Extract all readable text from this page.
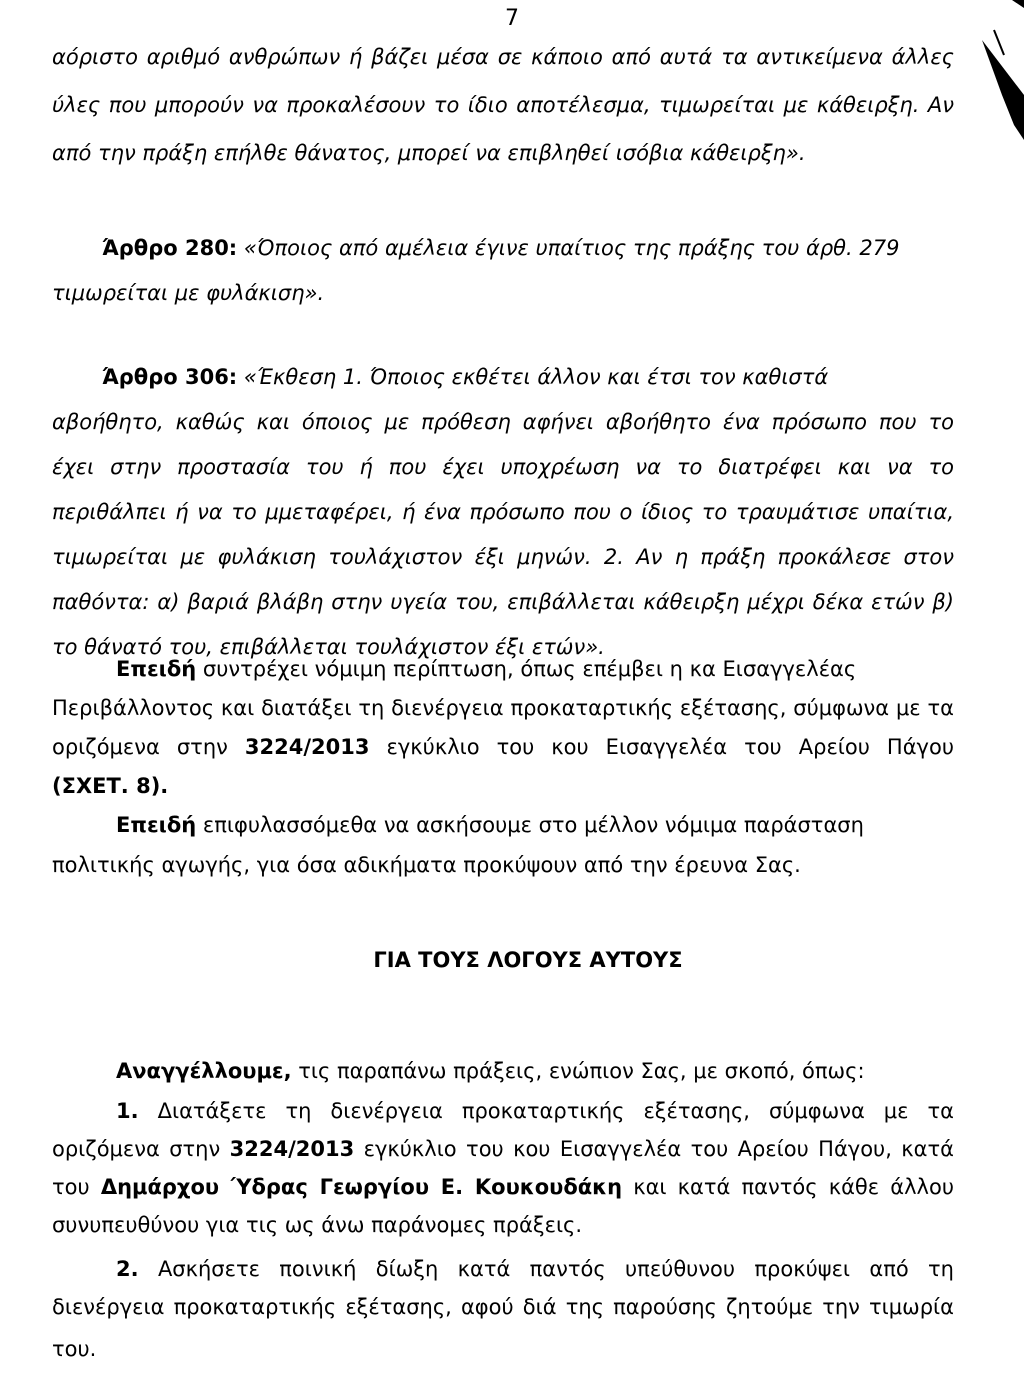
7
αόριστο αριθμό ανθρώπων ή βάζει μέσα σε κάποιο από αυτά τα αντικείμενα άλλες
ύλες που μπορούν να προκαλέσουν το ίδιο αποτέλεσμα, τιμωρείται με κάθειρξη. Αν
από την πράξη επήλθε θάνατος, μπορεί να επιβληθεί ισόβια κάθειρξη».
Άρθρο 280: «Όποιος από αμέλεια έγινε υπαίτιος της πράξης του άρθ. 279
τιμωρείται με φυλάκιση».
Άρθρο 306: «Έκθεση 1. Όποιος εκθέτει άλλον και έτσι τον καθιστά
αβοήθητο, καθώς και όποιος με πρόθεση αφήνει αβοήθητο ένα πρόσωπο που το
έχει στην προστασία του ή που έχει υποχρέωση να το διατρέφει και να το
περιθάλπει ή να το μμεταφέρει, ή ένα πρόσωπο που ο ίδιος το τραυμάτισε υπαίτια,
τιμωρείται με φυλάκιση τουλάχιστον έξι μηνών. 2. Αν η πράξη προκάλεσε στον
παθόντα: α) βαριά βλάβη στην υγεία του, επιβάλλεται κάθειρξη μέχρι δέκα ετών β)
το θάνατό του, επιβάλλεται τουλάχιστον έξι ετών».
Επειδή συντρέχει νόμιμη περίπτωση, όπως επέμβει η κα Εισαγγελέας
Περιβάλλοντος και διατάξει τη διενέργεια προκαταρτικής εξέτασης, σύμφωνα με τα
οριζόμενα στην 3224/2013 εγκύκλιο του κου Εισαγγελέα του Αρείου Πάγου
(ΣΧΕΤ. 8).
Επειδή επιφυλασσόμεθα να ασκήσουμε στο μέλλον νόμιμα παράσταση
πολιτικής αγωγής, για όσα αδικήματα προκύψουν από την έρευνα Σας.
ΓΙΑ ΤΟΥΣ ΛΟΓΟΥΣ ΑΥΤΟΥΣ
Αναγγέλλουμε, τις παραπάνω πράξεις, ενώπιον Σας, με σκοπό, όπως:
1. Διατάξετε τη διενέργεια προκαταρτικής εξέτασης, σύμφωνα με τα
οριζόμενα στην 3224/2013 εγκύκλιο του κου Εισαγγελέα του Αρείου Πάγου, κατά
του Δημάρχου Ύδρας Γεωργίου Ε. Κουκουδάκη και κατά παντός κάθε άλλου
συνυπευθύνου για τις ως άνω παράνομες πράξεις.
2. Ασκήσετε ποινική δίωξη κατά παντός υπεύθυνου προκύψει από τη
διενέργεια προκαταρτικής εξέτασης, αφού διά της παρούσης ζητούμε την τιμωρία
του.
